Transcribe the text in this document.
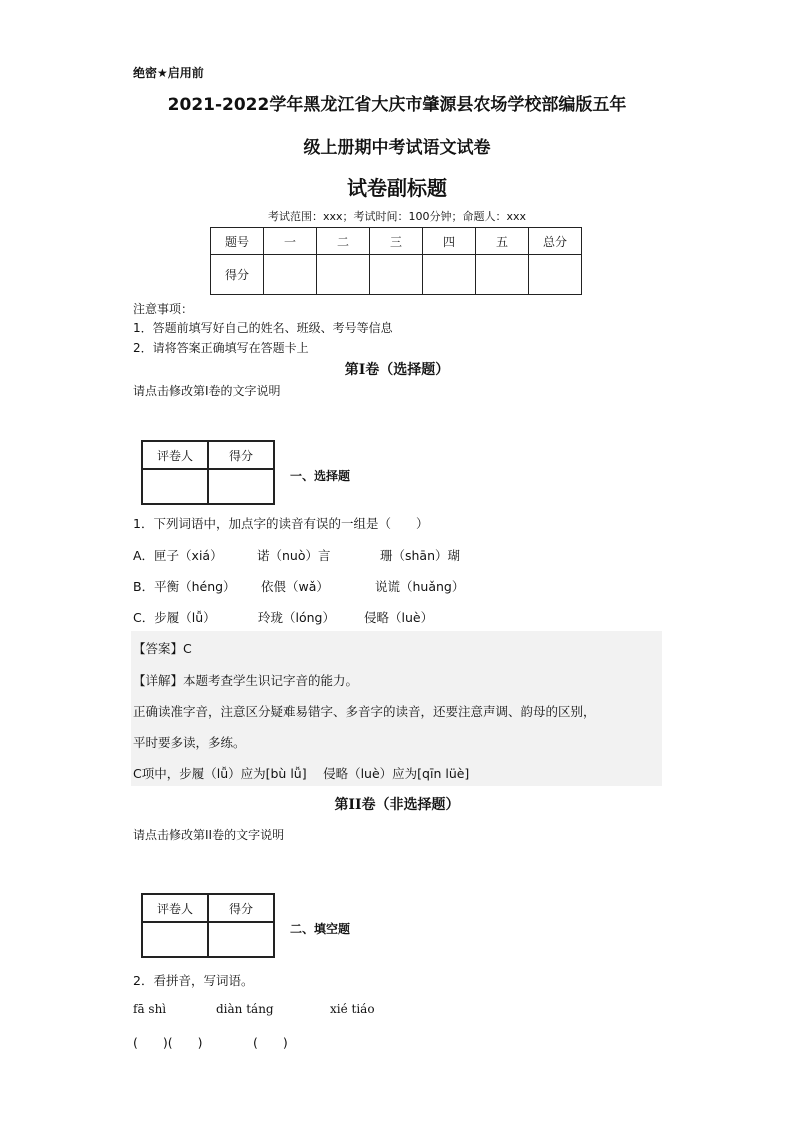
绝密★启用前
2021-2022学年黑龙江省大庆市肇源县农场学校部编版五年
级上册期中考试语文试卷
试卷副标题
考试范围：xxx；考试时间：100分钟；命题人：xxx
题号	一	二	三	四	五	总分
得分						
注意事项：
1．答题前填写好自己的姓名、班级、考号等信息
2．请将答案正确填写在答题卡上
第I卷（选择题）
请点击修改第I卷的文字说明
评卷人	得分

一、选择题
1．下列词语中，加点字的读音有误的一组是（　　）
A．匣子（xiá）	诺（nuò）言	珊（shān）瑚
B．平衡（héng） 依偎（wǎ）	说谎（huǎng）
C．步履（lǚ）	玲珑（lóng） 侵略（luè）
【答案】C
【详解】本题考查学生识记字音的能力。
正确读准字音，注意区分疑难易错字、多音字的读音，还要注意声调、韵母的区别，
平时要多读，多练。
C项中，步履（lǚ）应为[bù lǚ]　 侵略（luè）应为[qīn lüè]
第II卷（非选择题）
请点击修改第II卷的文字说明
评卷人	得分

二、填空题
2．看拼音，写词语。
fā shì	diàn táng	xié tiáo
(　　)(　　)	(　　)
